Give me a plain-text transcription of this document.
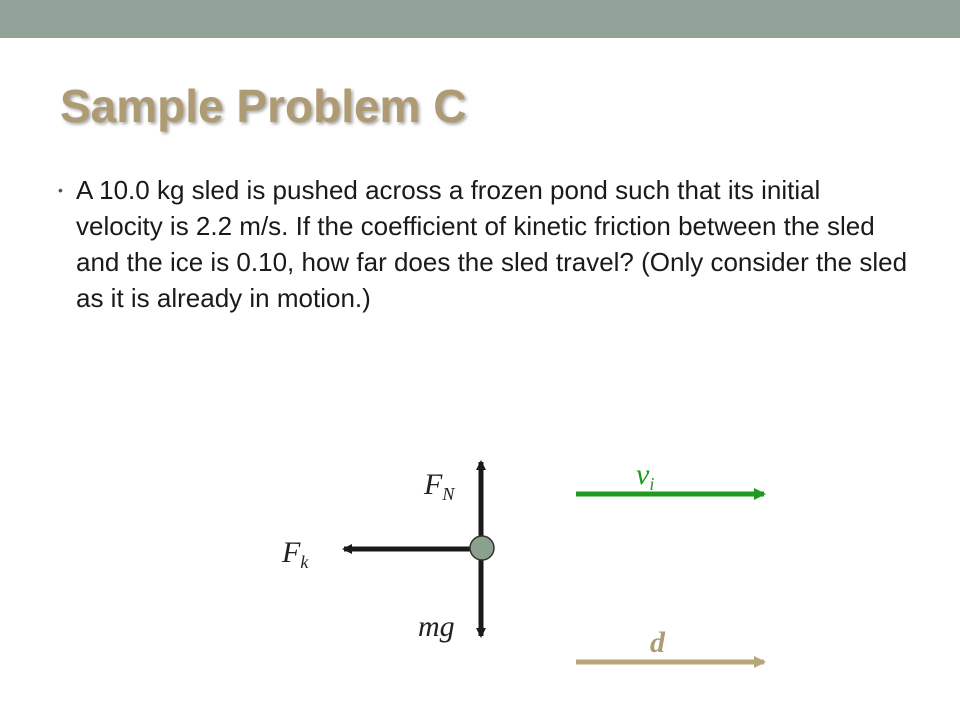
Sample Problem C
• A 10.0 kg sled is pushed across a frozen pond such that its initial velocity is 2.2 m/s. If the coefficient of kinetic friction between the sled and the ice is 0.10, how far does the sled travel? (Only consider the sled as it is already in motion.)
$F_N$
$F_k$
mg
$v_i$
d
